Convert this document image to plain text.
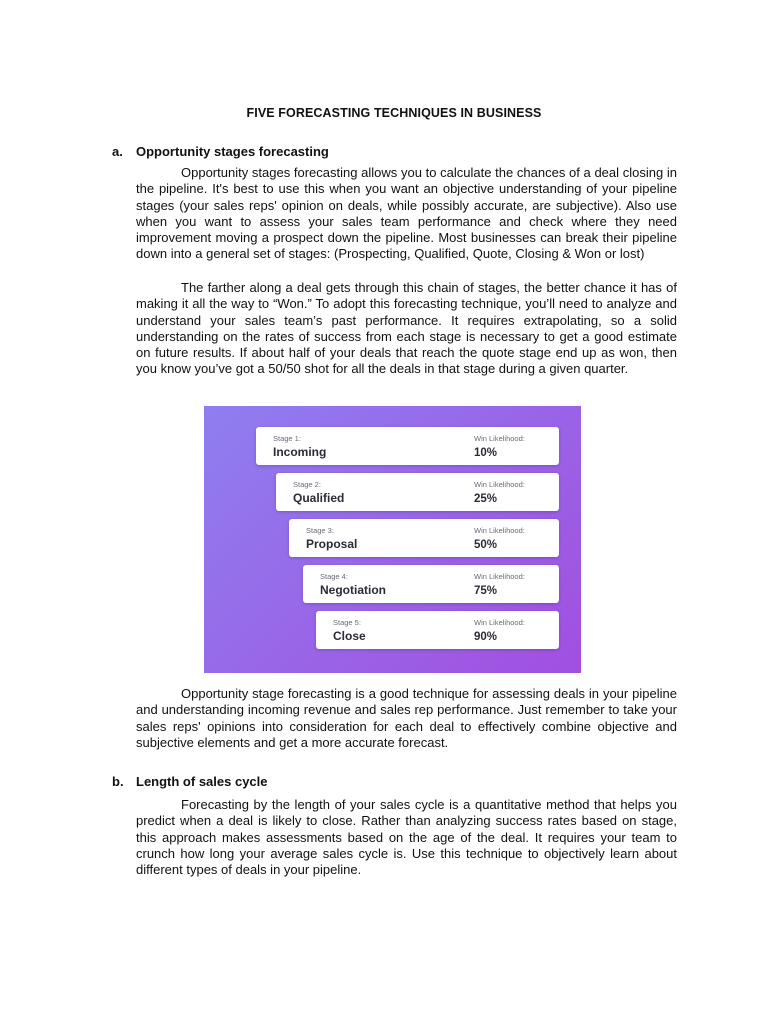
FIVE FORECASTING TECHNIQUES IN BUSINESS
a.	Opportunity stages forecasting

Opportunity stages forecasting allows you to calculate the chances of a deal closing in the pipeline. It's best to use this when you want an objective understanding of your pipeline stages (your sales reps' opinion on deals, while possibly accurate, are subjective). Also use when you want to assess your sales team performance and check where they need improvement moving a prospect down the pipeline. Most businesses can break their pipeline down into a general set of stages: (Prospecting, Qualified, Quote, Closing & Won or lost)

The farther along a deal gets through this chain of stages, the better chance it has of making it all the way to “Won.” To adopt this forecasting technique, you’ll need to analyze and understand your sales team’s past performance. It requires extrapolating, so a solid understanding on the rates of success from each stage is necessary to get a good estimate on future results. If about half of your deals that reach the quote stage end up as won, then you know you’ve got a 50/50 shot for all the deals in that stage during a given quarter.

Stage 1:
Incoming
Win Likelihood:
10%
Stage 2:
Qualified
Win Likelihood:
25%
Stage 3:
Proposal
Win Likelihood:
50%
Stage 4:
Negotiation
Win Likelihood:
75%
Stage 5:
Close
Win Likelihood:
90%

Opportunity stage forecasting is a good technique for assessing deals in your pipeline and understanding incoming revenue and sales rep performance. Just remember to take your sales reps' opinions into consideration for each deal to effectively combine objective and subjective elements and get a more accurate forecast.

b. Length of sales cycle

Forecasting by the length of your sales cycle is a quantitative method that helps you predict when a deal is likely to close. Rather than analyzing success rates based on stage, this approach makes assessments based on the age of the deal. It requires your team to crunch how long your average sales cycle is. Use this technique to objectively learn about different types of deals in your pipeline.
